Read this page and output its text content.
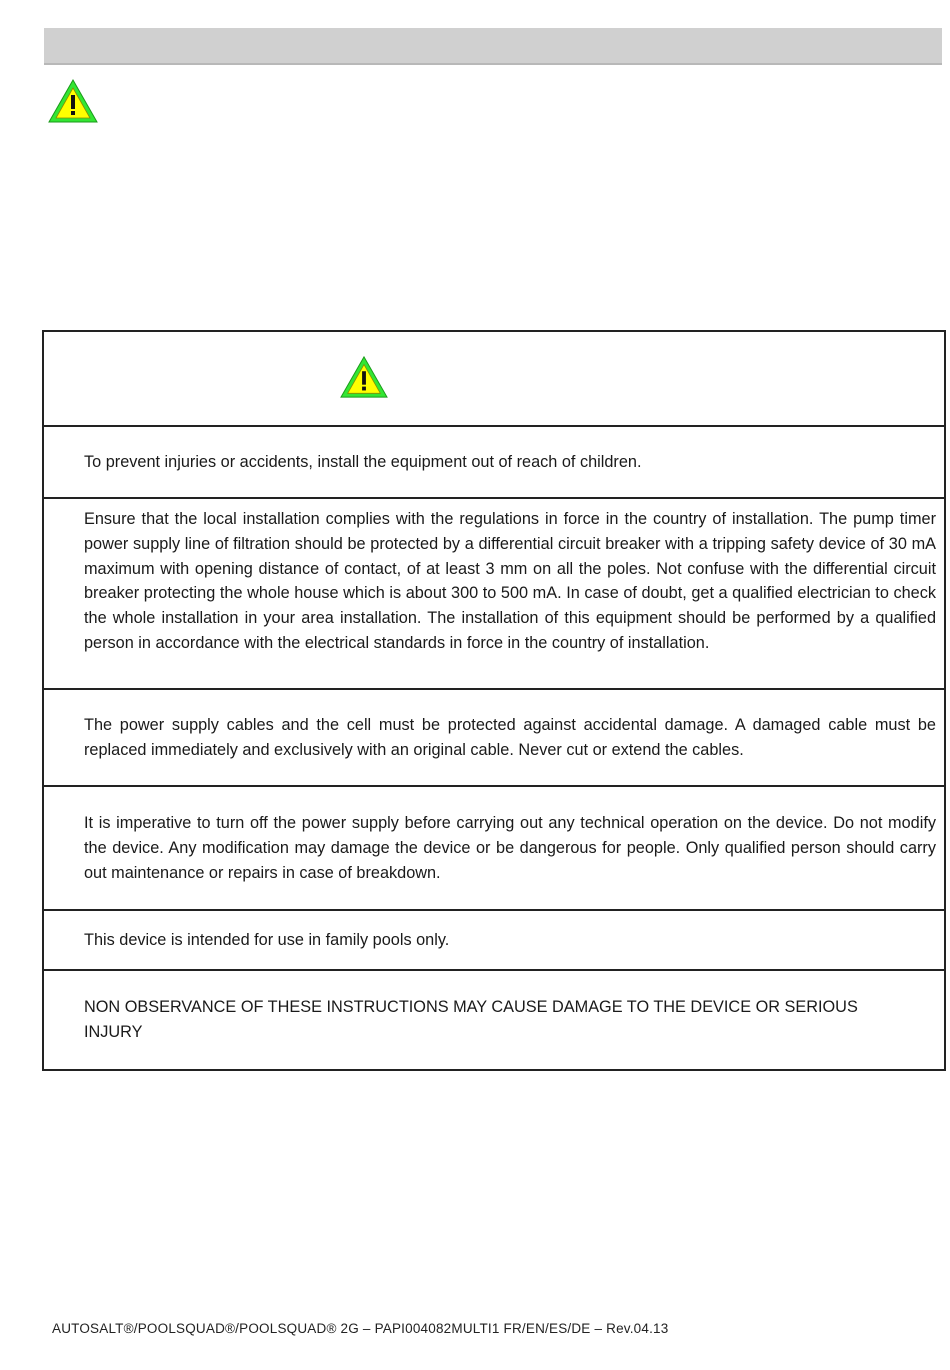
To prevent injuries or accidents, install the equipment out of reach of children.
Ensure that the local installation complies with the regulations in force in the country of installation. The pump timer power supply line of filtration should be protected by a differential circuit breaker with a tripping safety device of 30 mA maximum with opening distance of contact, of at least 3 mm on all the poles. Not confuse with the differential circuit breaker protecting the whole house which is about 300 to 500 mA. In case of doubt, get a qualified electrician to check the whole installation in your area installation. The installation of this equipment should be performed by a qualified person in accordance with the electrical standards in force in the country of installation.
The power supply cables and the cell must be protected against accidental damage. A damaged cable must be replaced immediately and exclusively with an original cable. Never cut or extend the cables.
It is imperative to turn off the power supply before carrying out any technical operation on the device. Do not modify the device. Any modification may damage the device or be dangerous for people. Only qualified person should carry out maintenance or repairs in case of breakdown.
This device is intended for use in family pools only.
NON OBSERVANCE OF THESE INSTRUCTIONS MAY CAUSE DAMAGE TO THE DEVICE OR SERIOUS INJURY
AUTOSALT®/POOLSQUAD®/POOLSQUAD® 2G – PAPI004082MULTI1 FR/EN/ES/DE – Rev.04.13
